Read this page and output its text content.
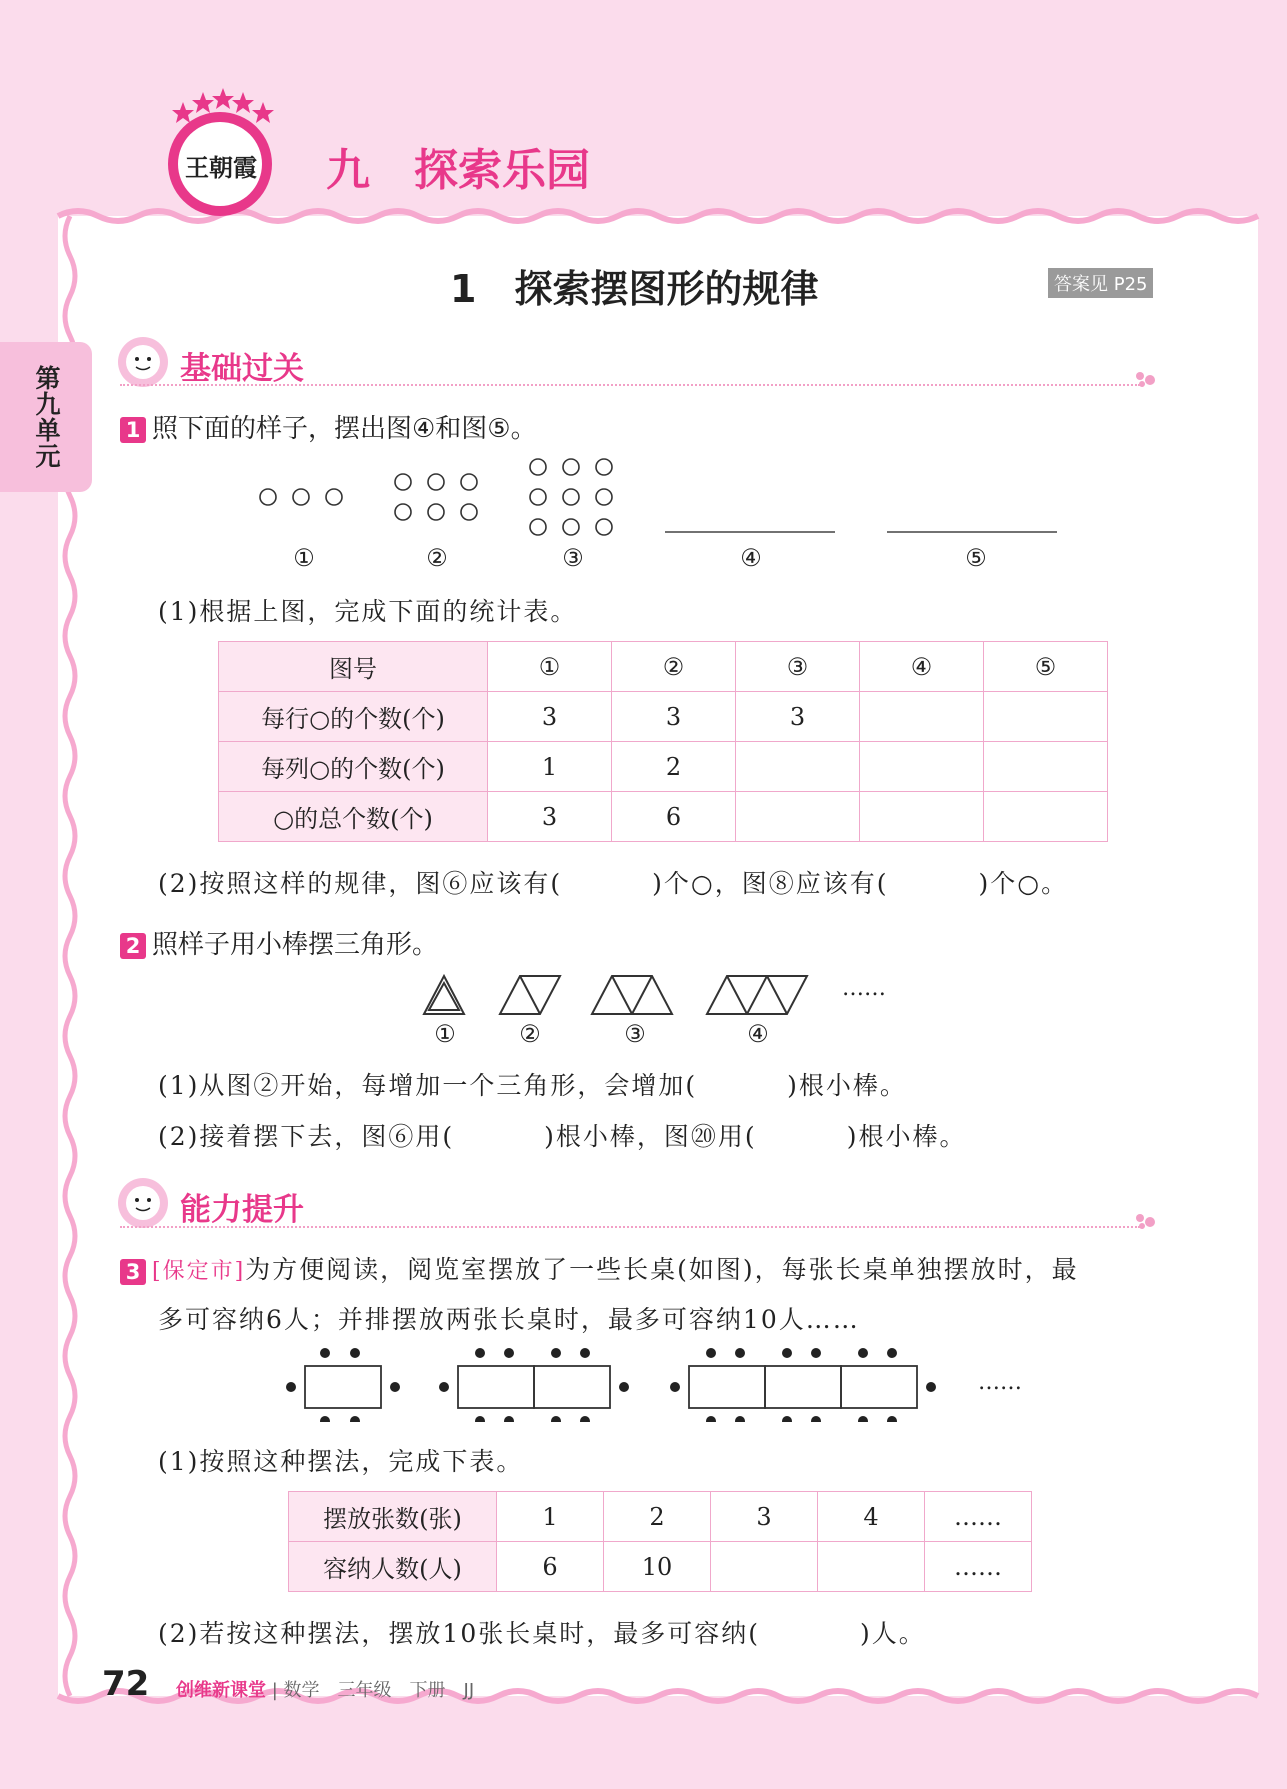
第九单元
王朝霞 九　探索乐园
1　探索摆图形的规律	答案见 P25
基础过关
1 照下面的样子，摆出图④和图⑤。
①	②	③	④	⑤
(1)根据上图，完成下面的统计表。
图号	①	②	③	④	⑤
每行○的个数(个)	3	3	3		
每列○的个数(个)	1	2			
○的总个数(个)	3	6			
(2)按照这样的规律，图⑥应该有(	)个○，图⑧应该有(	)个○。
2 照样子用小棒摆三角形。
……
①	②	③	④
(1)从图②开始，每增加一个三角形，会增加(	)根小棒。
(2)接着摆下去，图⑥用(	)根小棒，图⑳用(	)根小棒。
能力提升
3 [保定市]为方便阅读，阅览室摆放了一些长桌(如图)，每张长桌单独摆放时，最
多可容纳6人；并排摆放两张长桌时，最多可容纳10人……
……
(1)按照这种摆法，完成下表。
摆放张数(张)	1	2	3	4	……
容纳人数(人)	6	10			……
(2)若按这种摆法，摆放10张长桌时，最多可容纳(	)人。
72 创维新课堂 | 数学　三年级　下册　JJ
